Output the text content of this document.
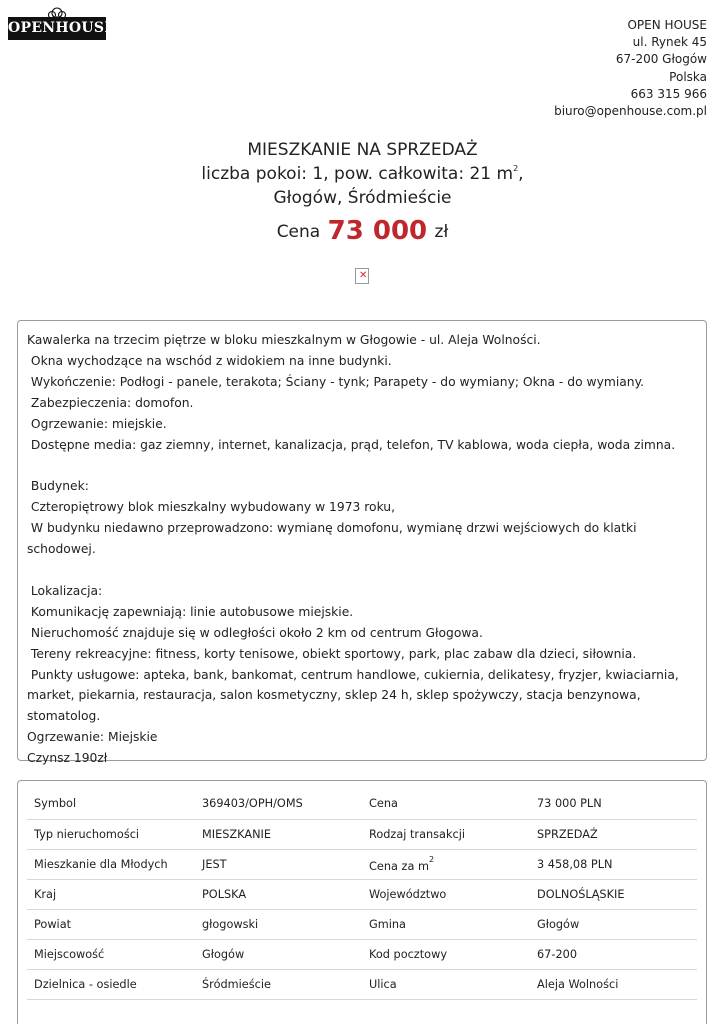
OPENHOUSE	OPEN HOUSE
ul. Rynek 45
67-200 Głogów
Polska
663 315 966
biuro@openhouse.com.pl
MIESZKANIE NA SPRZEDAŻ
liczba pokoi: 1, pow. całkowita: 21 $m^2$,
Głogów, Śródmieście
Cena 73 000 zł
✕
Kawalerka na trzecim piętrze w bloku mieszkalnym w Głogowie - ul. Aleja Wolności.
Okna wychodzące na wschód z widokiem na inne budynki.
Wykończenie: Podłogi - panele, terakota; Ściany - tynk; Parapety - do wymiany; Okna - do wymiany.
Zabezpieczenia: domofon.
Ogrzewanie: miejskie.
Dostępne media: gaz ziemny, internet, kanalizacja, prąd, telefon, TV kablowa, woda ciepła, woda zimna.

Budynek:
Czteropiętrowy blok mieszkalny wybudowany w 1973 roku,
W budynku niedawno przeprowadzono: wymianę domofonu, wymianę drzwi wejściowych do klatki schodowej.

Lokalizacja:
Komunikację zapewniają: linie autobusowe miejskie.
Nieruchomość znajduje się w odległości około 2 km od centrum Głogowa.
Tereny rekreacyjne: fitness, korty tenisowe, obiekt sportowy, park, plac zabaw dla dzieci, siłownia.
Punkty usługowe: apteka, bank, bankomat, centrum handlowe, cukiernia, delikatesy, fryzjer, kwiaciarnia,
market, piekarnia, restauracja, salon kosmetyczny, sklep 24 h, sklep spożywczy, stacja benzynowa,
stomatolog.
Ogrzewanie: Miejskie
Czynsz 190zł
Symbol	369403/OPH/OMS	Cena	73 000 PLN
Typ nieruchomości	MIESZKANIE	Rodzaj transakcji	SPRZEDAŻ
Mieszkanie dla Młodych	JEST	Cena za $m^2$	3 458,08 PLN
Kraj	POLSKA	Województwo	DOLNOŚLĄSKIE
Powiat	głogowski	Gmina	Głogów
Miejscowość	Głogów	Kod pocztowy	67-200
Dzielnica - osiedle	Śródmieście	Ulica	Aleja Wolności
